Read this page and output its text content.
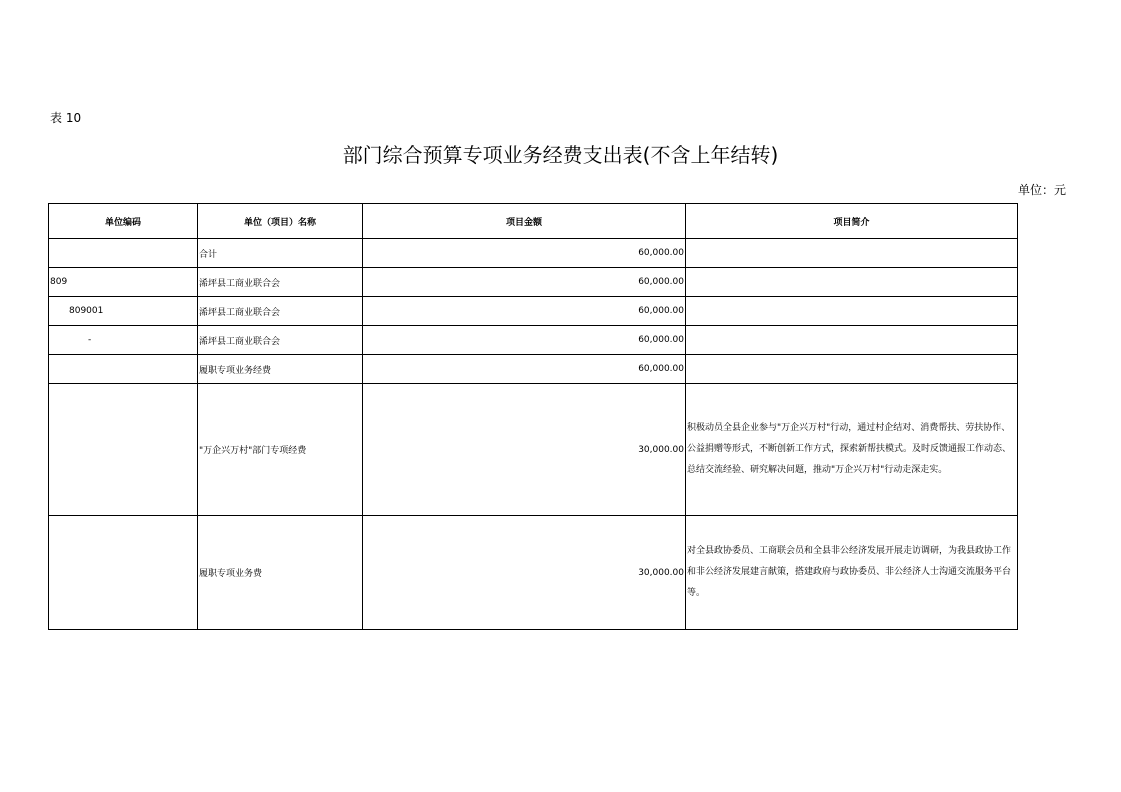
表 10
部门综合预算专项业务经费支出表(不含上年结转)
单位：元
单位编码	单位（项目）名称	项目金额	项目简介
	合计	60,000.00	
809	浠坪县工商业联合会	60,000.00	
809001	浠坪县工商业联合会	60,000.00	
-	浠坪县工商业联合会	60,000.00	
	履职专项业务经费	60,000.00	
	"万企兴万村"部门专项经费	30,000.00	积极动员全县企业参与"万企兴万村"行动，通过村企结对、消费帮扶、劳扶协作、公益捐赠等形式，不断创新工作方式，探索新帮扶模式。及时反馈通报工作动态、总结交流经验、研究解决问题，推动"万企兴万村"行动走深走实。
	履职专项业务费	30,000.00	对全县政协委员、工商联会员和全县非公经济发展开展走访调研，为我县政协工作和非公经济发展建言献策，搭建政府与政协委员、非公经济人士沟通交流服务平台等。
